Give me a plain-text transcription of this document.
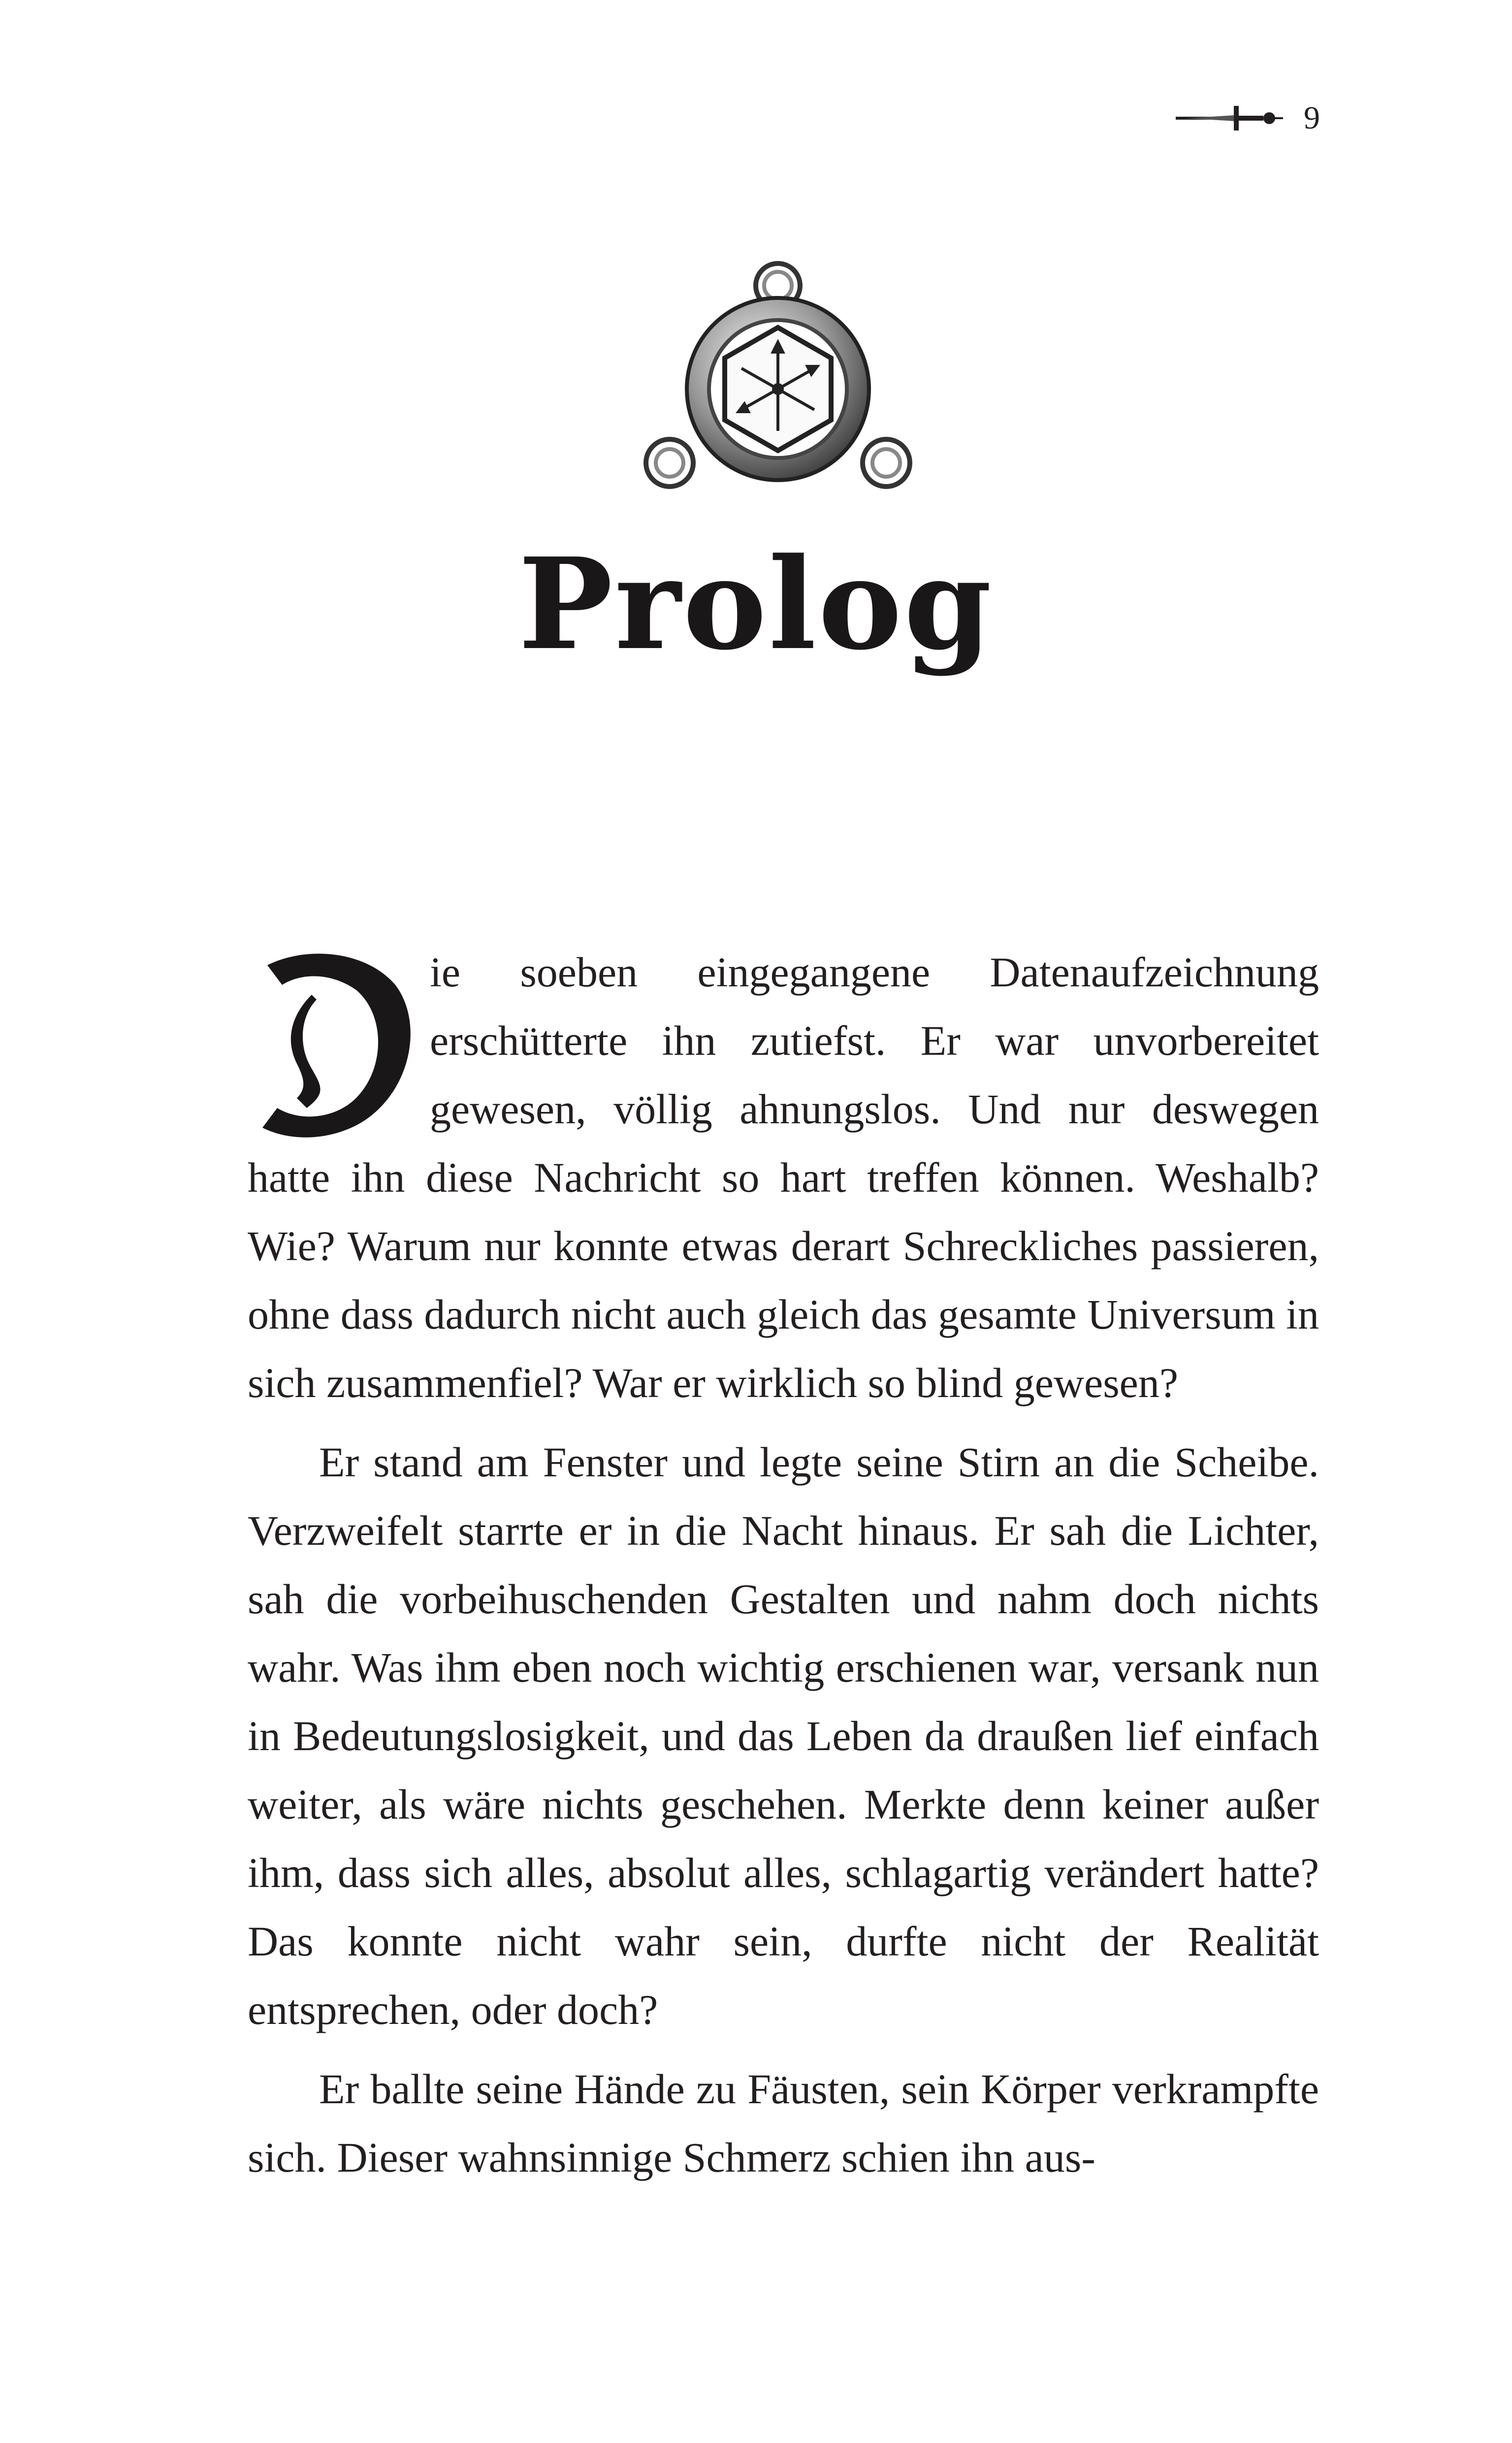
9
Prolog

D
ie soeben eingegangene Datenaufzeichnung erschütterte ihn zutiefst. Er war unvorbereitet gewesen, völlig ahnungslos. Und nur deswegen hatte ihn diese Nachricht so hart treffen können. Weshalb? Wie? Warum nur konnte etwas derart Schreckliches passieren, ohne dass dadurch nicht auch gleich das gesamte Universum in sich zusammenfiel? War er wirklich so blind gewesen?

Er stand am Fenster und legte seine Stirn an die Scheibe. Verzweifelt starrte er in die Nacht hinaus. Er sah die Lichter, sah die vorbeihuschenden Gestalten und nahm doch nichts wahr. Was ihm eben noch wichtig erschienen war, versank nun in Bedeutungslosigkeit, und das Leben da draußen lief einfach weiter, als wäre nichts geschehen. Merkte denn keiner außer ihm, dass sich alles, absolut alles, schlagartig verändert hatte? Das konnte nicht wahr sein, durfte nicht der Realität entsprechen, oder doch?

Er ballte seine Hände zu Fäusten, sein Körper verkrampfte sich. Dieser wahnsinnige Schmerz schien ihn aus-
